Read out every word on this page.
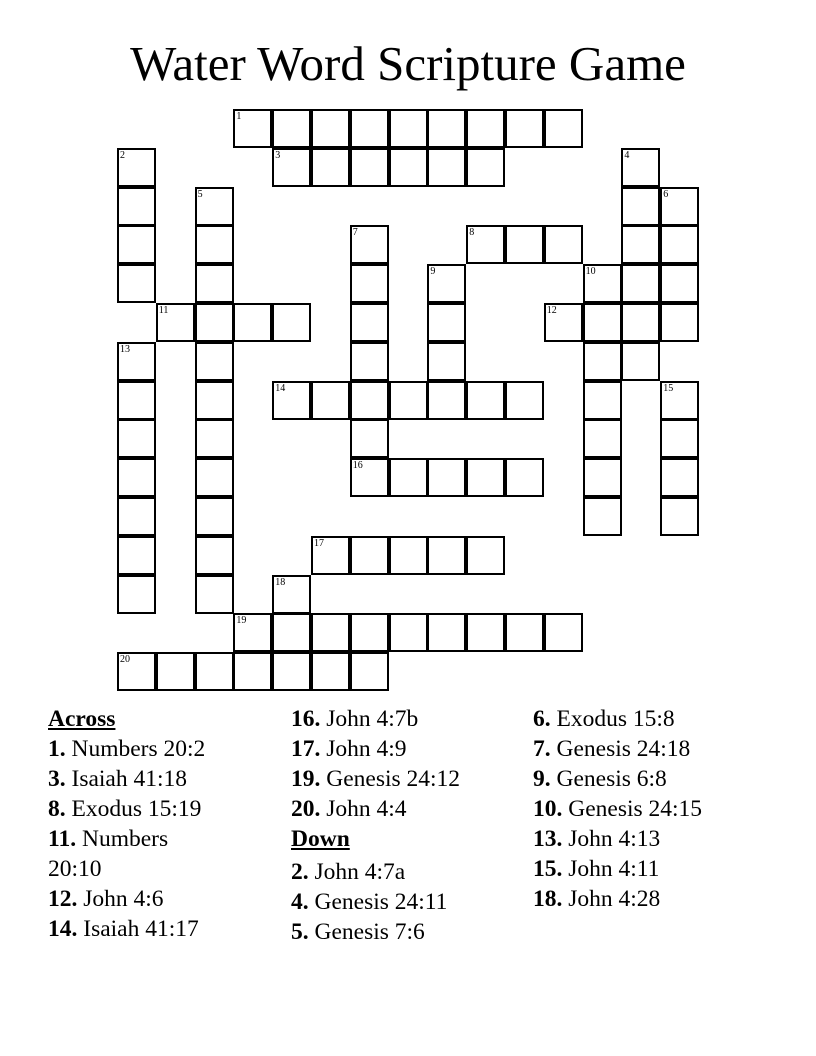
Water Word Scripture Game
1
2	3	4
5	6
7	8
9	10
11	12
13
14	15
16
17
18
19
20
Across
1. Numbers 20:2
3. Isaiah 41:18
8. Exodus 15:19
11. Numbers 20:10
12. John 4:6
14. Isaiah 41:17
16. John 4:7b
17. John 4:9
19. Genesis 24:12
20. John 4:4
Down
2. John 4:7a
4. Genesis 24:11
5. Genesis 7:6
6. Exodus 15:8
7. Genesis 24:18
9. Genesis 6:8
10. Genesis 24:15
13. John 4:13
15. John 4:11
18. John 4:28
